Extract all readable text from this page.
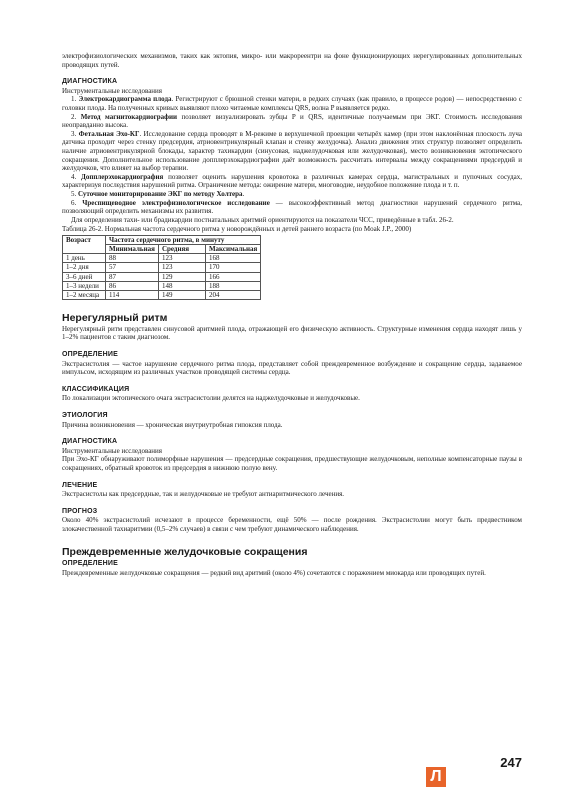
электрофизиологических механизмов, таких как эктопия, микро- или макрореентри на фоне функционирующих нерегулированных дополнительных проводящих путей.

ДИАГНОСТИКА

Инструментальные исследования

1. Электрокардиограмма плода. Регистрируют с брюшной стенки матери, в редких случаях (как правило, в процессе родов) — непосредственно с головки плода. На полученных кривых выявляют плохо читаемые комплексы QRS, волна P выявляется редко.

2. Метод магнитокардиографии позволяет визуализировать зубцы P и QRS, идентичные получаемым при ЭКГ. Стоимость исследования неоправданно высока.

3. Фетальная Эхо-КГ. Исследование сердца проводят в M-режиме в верхушечной проекции четырёх камер (при этом наклонённая плоскость луча датчика проходит через стенку предсердия, атриовентрикулярный клапан и стенку желудочка). Анализ движения этих структур позволяет определить наличие атриовентрикулярной блокады, характер тахикардии (синусовая, наджелудочковая или желудочковая), место возникновения эктопического сокращения. Дополнительное использование допплерэхокардиографии даёт возможность рассчитать интервалы между сокращениями предсердий и желудочков, что влияет на выбор терапии.

4. Допплерэхокардиография позволяет оценить нарушения кровотока в различных камерах сердца, магистральных и пупочных сосудах, характеризуя последствия нарушений ритма. Ограничение метода: ожирение матери, многоводие, неудобное положение плода и т. п.

5. Суточное мониторирование ЭКГ по методу Холтера.

6. Чреспищеводное электрофизиологическое исследование — высокоэффективный метод диагностики нарушений сердечного ритма, позволяющий определить механизмы их развития.

Для определения тахи- или брадикардии постнатальных аритмий ориентируются на показатели ЧСС, приведённые в табл. 26-2.

Таблица 26-2. Нормальная частота сердечного ритма у новорождённых и детей раннего возраста (по Moak J.P., 2000)

Возраст	Частота сердечного ритма, в минуту		
	Минимальная	Средняя	Максимальная
1 день	88	123	168
1–2 дня	57	123	170
3–6 дней	87	129	166
1–3 недели	86	148	188
1–2 месяца	114	149	204
Нерегулярный ритм

Нерегулярный ритм представлен синусовой аритмией плода, отражающей его физическую активность. Структурные изменения сердца находят лишь у 1–2% пациентов с таким диагнозом.

ОПРЕДЕЛЕНИЕ

Экстрасистолия — частое нарушение сердечного ритма плода, представляет собой преждевременное возбуждение и сокращение сердца, задаваемое импульсом, исходящим из различных участков проводящей системы сердца.

КЛАССИФИКАЦИЯ

По локализации эктопического очага экстрасистолии делятся на наджелудочковые и желудочковые.

ЭТИОЛОГИЯ

Причина возникновения — хроническая внутриутробная гипоксия плода.

ДИАГНОСТИКА

Инструментальные исследования

При Эхо-КГ обнаруживают полиморфные нарушения — предсердные сокращения, предшествующие желудочковым, неполные компенсаторные паузы в сокращениях, обратный кровоток из предсердия в нижнюю полую вену.

ЛЕЧЕНИЕ

Экстрасистолы как предсердные, так и желудочковые не требуют антиаритмического лечения.

ПРОГНОЗ

Около 40% экстрасистолий исчезают в процессе беременности, ещё 50% — после рождения. Экстрасистолии могут быть предвестником злокачественной тахиаритмии (0,5–2% случаев) в связи с чем требуют динамического наблюдения.

Преждевременные желудочковые сокращения
ОПРЕДЕЛЕНИЕ

Преждевременные желудочковые сокращения — редкий вид аритмий (около 4%) сочетаются с поражением миокарда или проводящих путей.

Л
247
